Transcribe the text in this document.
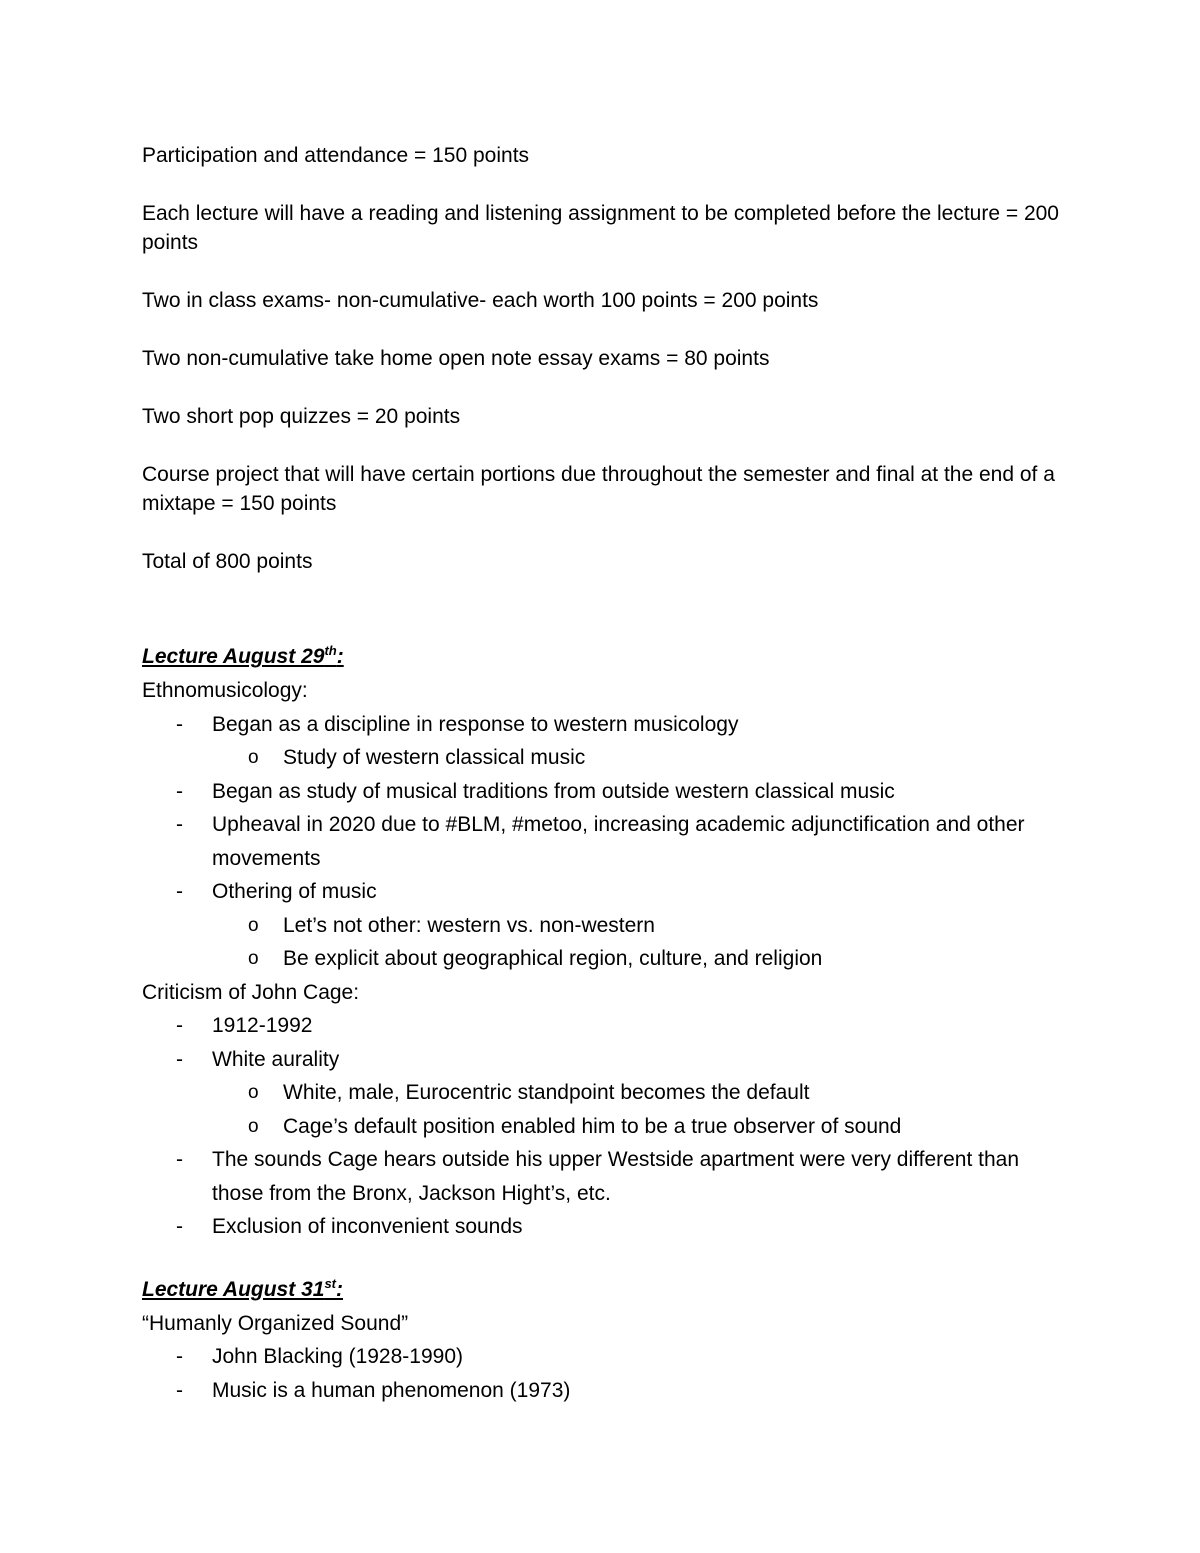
Participation and attendance = 150 points

Each lecture will have a reading and listening assignment to be completed before the lecture = 200 points

Two in class exams- non-cumulative- each worth 100 points = 200 points

Two non-cumulative take home open note essay exams = 80 points

Two short pop quizzes = 20 points

Course project that will have certain portions due throughout the semester and final at the end of a mixtape = 150 points

Total of 800 points

Lecture August 29th:

Ethnomusicology:

- Began as a discipline in response to western musicology
o Study of western classical music
- Began as study of musical traditions from outside western classical music
- Upheaval in 2020 due to #BLM, #metoo, increasing academic adjunctification and other movements
- Othering of music
o Let’s not other: western vs. non-western
o Be explicit about geographical region, culture, and religion

Criticism of John Cage:

- 1912-1992
- White aurality
o White, male, Eurocentric standpoint becomes the default
o Cage’s default position enabled him to be a true observer of sound
- The sounds Cage hears outside his upper Westside apartment were very different than those from the Bronx, Jackson Hight’s, etc.
- Exclusion of inconvenient sounds

Lecture August 31st:

“Humanly Organized Sound”

- John Blacking (1928-1990)
- Music is a human phenomenon (1973)
